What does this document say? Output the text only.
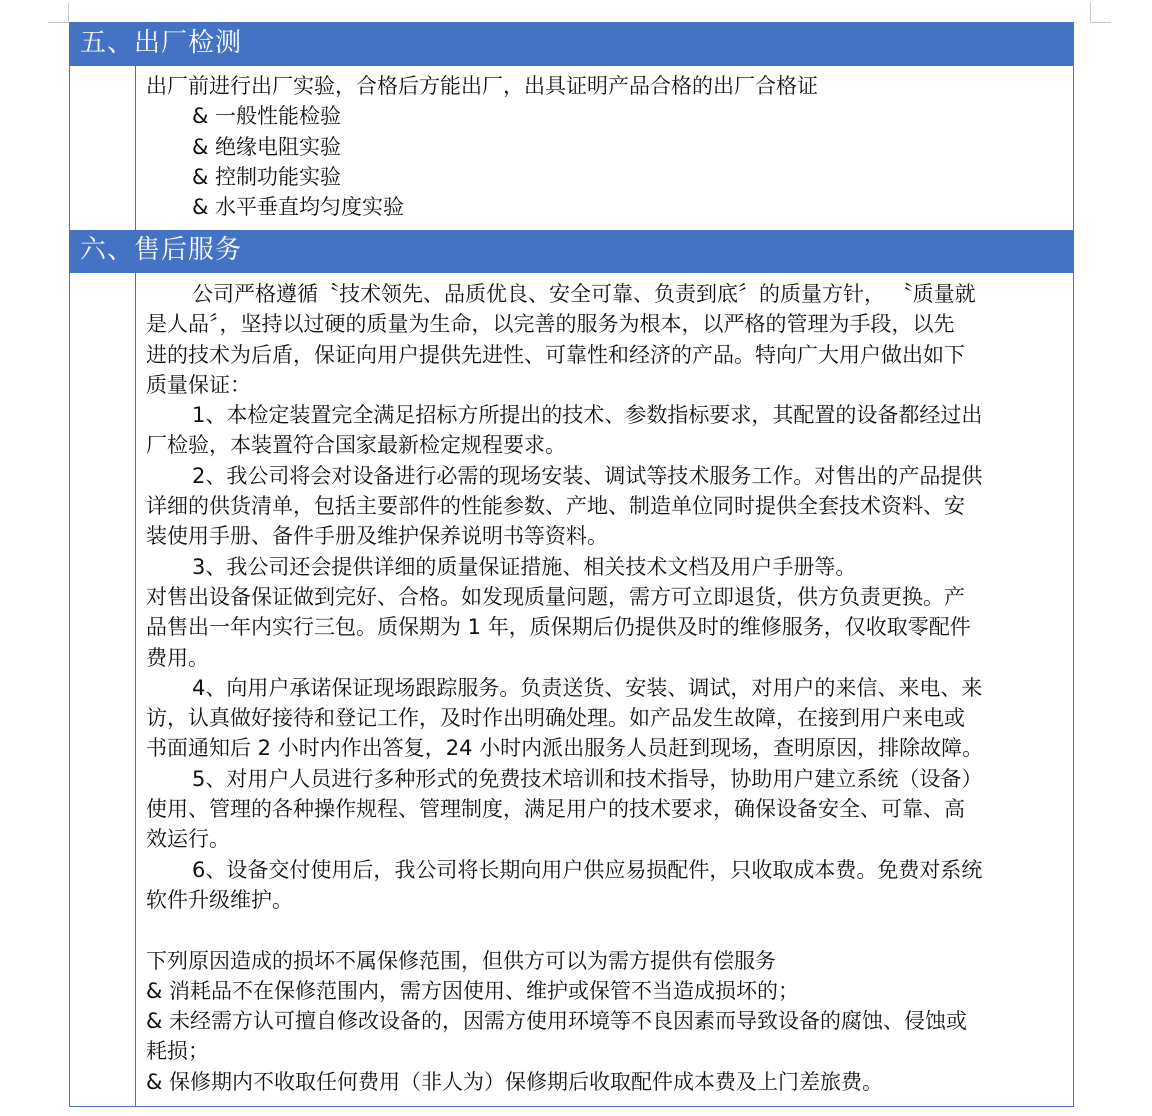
五、出厂检测
出厂前进行出厂实验，合格后方能出厂，出具证明产品合格的出厂合格证
& 一般性能检验
& 绝缘电阻实验
& 控制功能实验
& 水平垂直均匀度实验
六、售后服务
公司严格遵循〝技术领先、品质优良、安全可靠、负责到底〞的质量方针， 〝质量就
是人品〞，坚持以过硬的质量为生命，以完善的服务为根本，以严格的管理为手段，以先
进的技术为后盾，保证向用户提供先进性、可靠性和经济的产品。特向广大用户做出如下
质量保证：
1、本检定装置完全满足招标方所提出的技术、参数指标要求，其配置的设备都经过出
厂检验，本装置符合国家最新检定规程要求。
2、我公司将会对设备进行必需的现场安装、调试等技术服务工作。对售出的产品提供
详细的供货清单，包括主要部件的性能参数、产地、制造单位同时提供全套技术资料、安
装使用手册、备件手册及维护保养说明书等资料。
3、我公司还会提供详细的质量保证措施、相关技术文档及用户手册等。
对售出设备保证做到完好、合格。如发现质量问题，需方可立即退货，供方负责更换。产
品售出一年内实行三包。质保期为 1 年，质保期后仍提供及时的维修服务，仅收取零配件
费用。
4、向用户承诺保证现场跟踪服务。负责送货、安装、调试，对用户的来信、来电、来
访，认真做好接待和登记工作，及时作出明确处理。如产品发生故障，在接到用户来电或
书面通知后 2 小时内作出答复，24 小时内派出服务人员赶到现场，查明原因，排除故障。
5、对用户人员进行多种形式的免费技术培训和技术指导，协助用户建立系统（设备）
使用、管理的各种操作规程、管理制度，满足用户的技术要求，确保设备安全、可靠、高
效运行。
6、设备交付使用后，我公司将长期向用户供应易损配件，只收取成本费。免费对系统
软件升级维护。
下列原因造成的损坏不属保修范围，但供方可以为需方提供有偿服务
& 消耗品不在保修范围内，需方因使用、维护或保管不当造成损坏的；
& 未经需方认可擅自修改设备的，因需方使用环境等不良因素而导致设备的腐蚀、侵蚀或
耗损；
& 保修期内不收取任何费用（非人为）保修期后收取配件成本费及上门差旅费。
